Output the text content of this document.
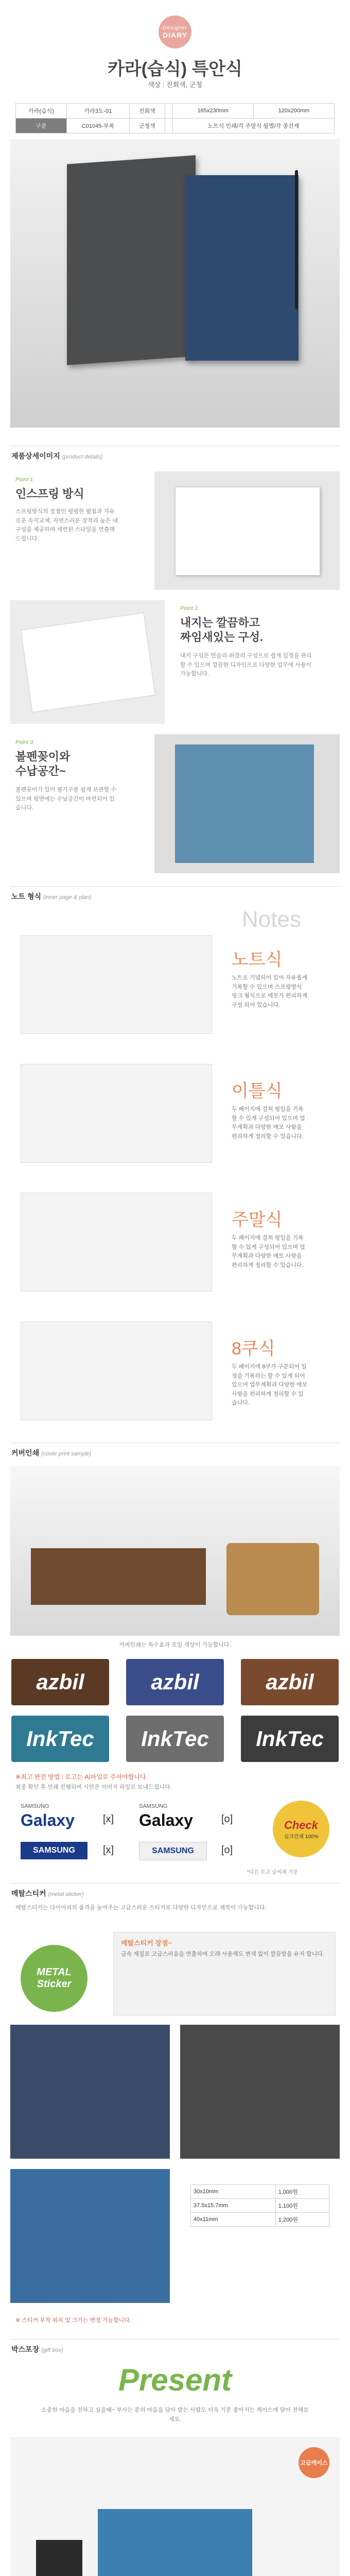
Designer
DIARY
카라(습식) 특안식
색상 : 진회색, 군청
카라(습식)	카라3도-01	진회색		165x230mm	120x200mm
구분	C01045-부록	군청색		노트식 인쇄/각 주말식 월별/각 종선재	
제품상세이미지 (product details)
Point 1
인스프링 방식
스프링방식의 장점인 평평한 펼침과 자유로운 속지교체, 자연스러운 장착과 높은 내구성을 제공하며 세련된 스타일을 연출해 드립니다.
Point 2
내지는 깔끔하고
짜임새있는 구성.
내지 구성은 먼슬리-위클리 구성으로 쉽게 일정을 관리할 수 있으며 깔끔한 디자인으로 다양한 업무에 사용이 가능합니다.
Point 3
볼펜꽂이와
수납공간~
볼펜꽂이가 있어 필기구를 쉽게 보관할 수 있으며 뒷면에는 수납공간이 마련되어 있습니다.
노트 형식 (inner page & plan)
Notes
노트식
노트로 기념되어 있어 자유롭게 기록할 수 있으며 스프링방식 링크 형식으로 메모가 편리하게 구성 되어 있습니다.
이틀식
두 페이지에 걸쳐 평일을 기록 할 수 있게 구성되어 있으며 업무계획과 다양한 메모 사항을 편리하게 정리할 수 있습니다.
주말식
두 페이지에 걸쳐 평일을 기록 할 수 있게 구성되어 있으며 업무계획과 다양한 메모 사항을 편리하게 정리할 수 있습니다.
8쿠식
두 페이지에 8쿠가 구분되어 일정을 기록하는 할 수 있게 되어 있으며 업무계획과 다양한 메모사항을 편리하게 정리할 수 있습니다.
커버인쇄 (cover print sample)
커버인쇄는 특수효과 호일 색상이 가능합니다.
azbil	azbil	azbil
InkTec InkTec InkTec
※최고 완전 방법 : 로고는 AI파일로 주셔야합니다.
최종 확인 후 인쇄 진행되며 시안은 이미지 파일로 보내드립니다.
SAMSUNG
Galaxy	[x]
SAMSUNG
Galaxy	[o]
SAMSUNG	[x]	SAMSUNG	[o]
Check
실크인쇄 100%
*다른 로고 글씨체 기준
메탈스티커 (metal sticker)
메탈스티커는 다이어리의 품격을 높여주는 고급스러운 스티커로 다양한 디자인으로 제작이 가능합니다.
METAL Sticker
메탈스티커 장점~
금속 재질로 고급스러움을 연출하며 오래 사용해도 변색 없이 깔끔함을 유지 합니다.
30x10mm	1,000원
37.5x15.7mm	1,100원
40x11mm	1,200원
※ 스티커 부착 위치 및 크기는 변경 가능합니다.
박스포장 (gift box)
Present
소중한 마음을 전하고 싶을때~ 부사는 분의 마음을 담아 받는 사람도 더욱 기분 좋아지는 케이스에 담아 전해보세요.
고급케이스
